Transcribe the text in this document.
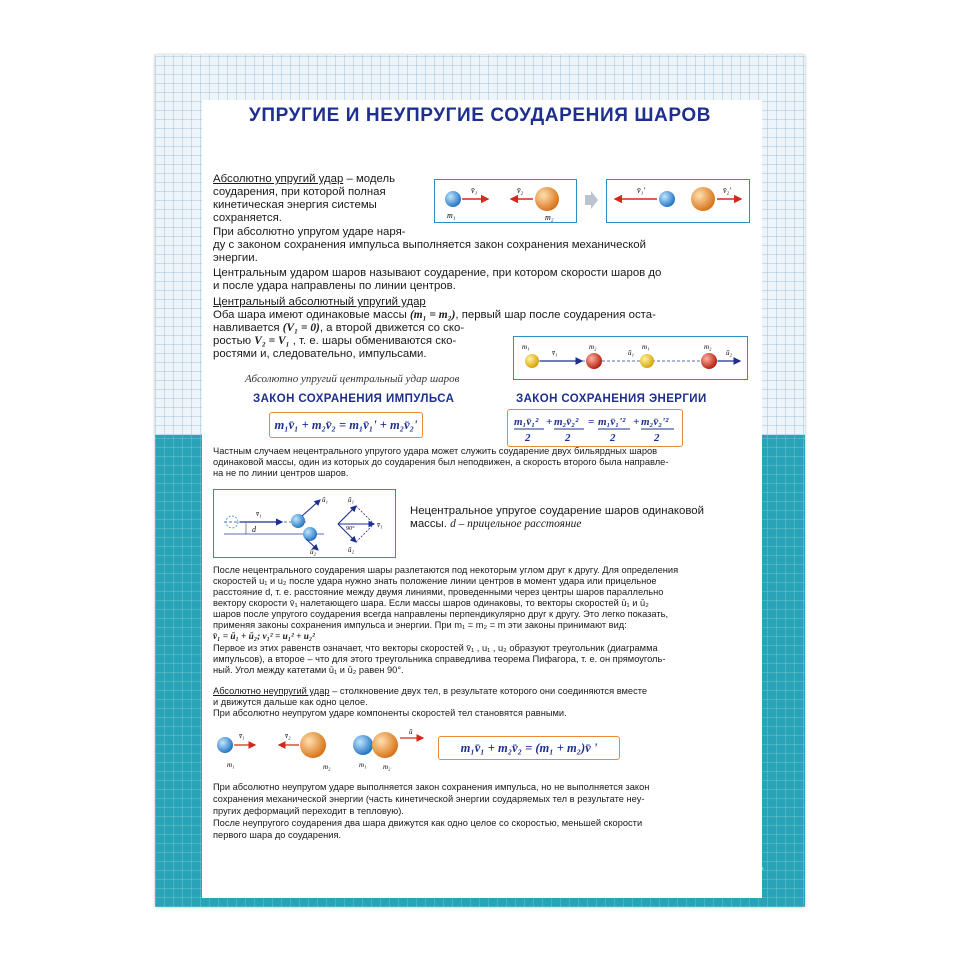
УПРУГИЕ И НЕУПРУГИЕ СОУДАРЕНИЯ ШАРОВ
Абсолютно упругий удар – модель
соударения, при которой полная
кинетическая энергия системы
сохраняется.
v̄₁
m₁
v̄₂
m₂
v̄₁'	v̄₂'
При абсолютно упругом ударе наря-
ду с законом сохранения импульса выполняется закон сохранения механической
энергии.
Центральным ударом шаров называют соударение, при котором скорости шаров до
и после удара направлены по линии центров.
Центральный абсолютный упругий удар
Оба шара имеют одинаковые массы (m₁ = m₂), первый шар после соударения оста-
навливается (V₁ = 0), а второй движется со ско-
ростью V₂ = V₁ , т. е. шары обмениваются ско-
ростями и, следовательно, импульсами.
m₁
v̄₁
m₂
ū₁
m₁	m₂
ū₂
Абсолютно упругий центральный удар шаров
ЗАКОН СОХРАНЕНИЯ ИМПУЛЬСА	ЗАКОН СОХРАНЕНИЯ ЭНЕРГИИ
m₁v̄₁ + m₂v̄₂ = m₁v̄₁' + m₂v̄₂'	m₁v̄₁²
2
+ m₂v̄₂²
2
= m₁v̄₁'²
2
+ m₂v̄₂'²
2
Частным случаем нецентрального упругого удара может служить соударение двух бильярдных шаров
одинаковой массы, один из которых до соударения был неподвижен, а скорость второго была направле-
на не по линии центров шаров.
v̄₁
d
ū₁
ū₂
90°	v̄₁
ū₁
ū₂
Нецентральное упругое соударение шаров одинаковой
массы. d – прицельное расстояние
После нецентрального соударения шары разлетаются под некоторым углом друг к другу. Для определения
скоростей u₁ и u₂ после удара нужно знать положение линии центров в момент удара или прицельное
расстояние d, т. е. расстояние между двумя линиями, проведенными через центры шаров параллельно
вектору скорости v̄₁ налетающего шара. Если массы шаров одинаковы, то векторы скоростей ū₁ и ū₂
шаров после упругого соударения всегда направлены перпендикулярно друг к другу. Это легко показать,
применяя законы сохранения импульса и энергии. При m₁ = m₂ = m эти законы принимают вид:
v̄₁ = ū₁ + ū₂; v₁² = u₁² + u₂²
Первое из этих равенств означает, что векторы скоростей v̄₁ , u₁ , u₂ образуют треугольник (диаграмма
импульсов), а второе – что для этого треугольника справедлива теорема Пифагора, т. е. он прямоуголь-
ный. Угол между катетами ū₁ и ū₂ равен 90°.
Абсолютно неупругий удар – столкновение двух тел, в результате которого они соединяются вместе
и движутся дальше как одно целое.
При абсолютно неупругом ударе компоненты скоростей тел становятся равными.
v̄₁
m₁
v̄₂
m₂
ū
m₁ m₂
m₁v̄₁ + m₂v̄₂ = (m₁ + m₂)v̄ '
При абсолютно неупругом ударе выполняется закон сохранения импульса, но не выполняется закон
сохранения механической энергии (часть кинетической энергии соударяемых тел в результате неу-
пругих деформаций переходит в тепловую).
После неупругого соударения два шара движутся как одно целое со скоростью, меньшей скорости
первого шара до соударения.
8 800 333 90 78
www.aflam.ru
Эффект
